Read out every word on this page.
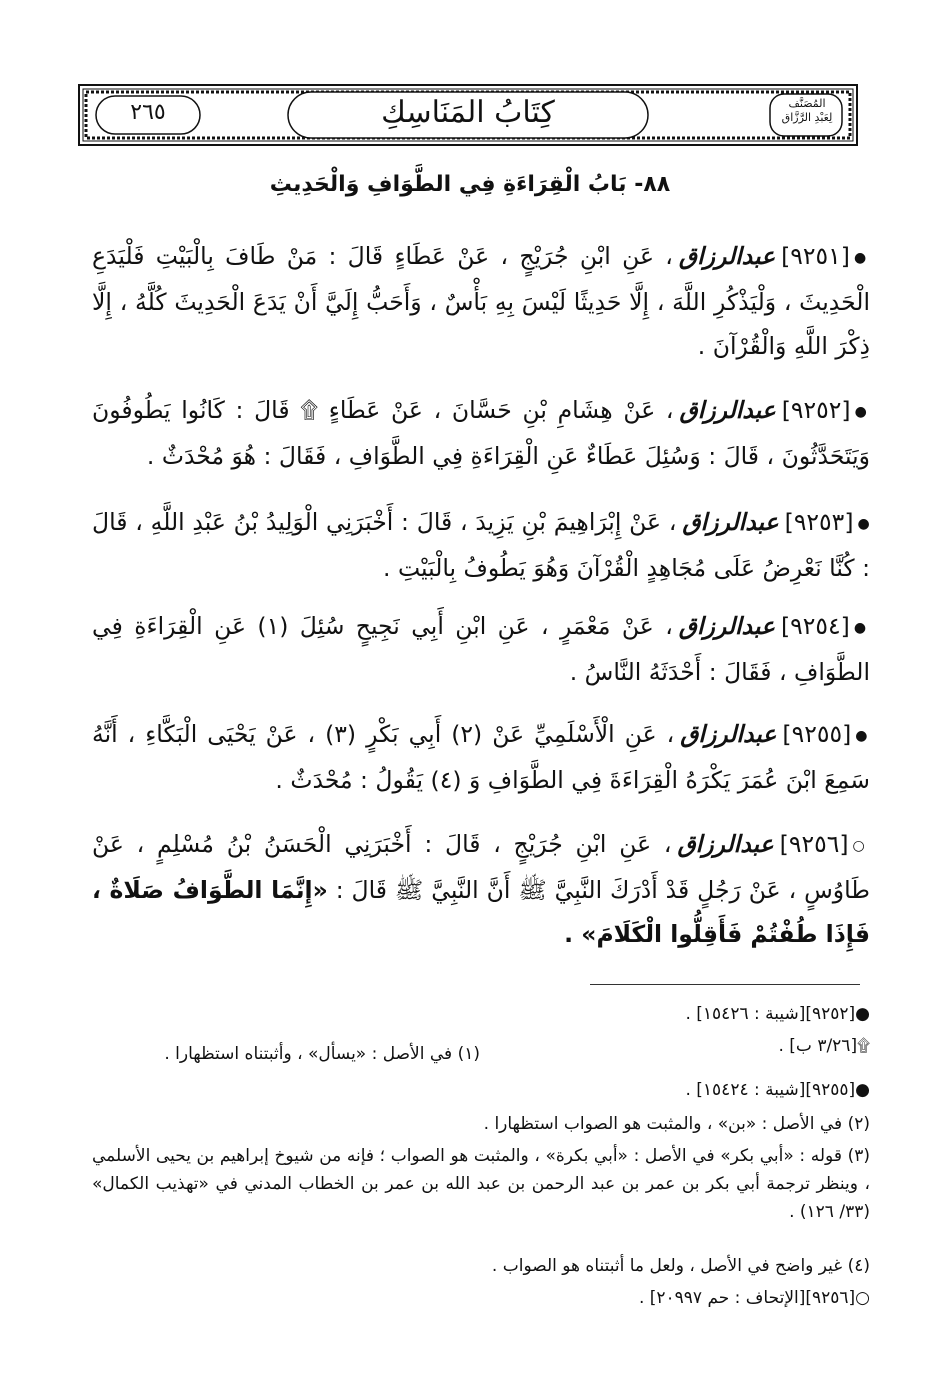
٢٦٥	كِتَابُ المَنَاسِكِ	المُصَنَّف
لِعَبْدِ الرَّزَّاق
٨٨- بَابُ الْقِرَاءَةِ فِي الطَّوَافِ وَالْحَدِيثِ
●[٩٢٥١]عبدالرزاق، عَنِ ابْنِ جُرَيْجٍ ، عَنْ عَطَاءٍ قَالَ : مَنْ طَافَ بِالْبَيْتِ فَلْيَدَعِ الْحَدِيثَ ، وَلْيَذْكُرِ اللَّهَ ، إِلَّا حَدِيثًا لَيْسَ بِهِ بَأْسٌ ، وَأَحَبُّ إِلَيَّ أَنْ يَدَعَ الْحَدِيثَ كُلَّهُ ، إِلَّا ذِكْرَ اللَّهِ وَالْقُرْآنَ .
●[٩٢٥٢]عبدالرزاق، عَنْ هِشَامِ بْنِ حَسَّانَ ، عَنْ عَطَاءٍ ۩ قَالَ : كَانُوا يَطُوفُونَ وَيَتَحَدَّثُونَ ، قَالَ : وَسُئِلَ عَطَاءٌ عَنِ الْقِرَاءَةِ فِي الطَّوَافِ ، فَقَالَ : هُوَ مُحْدَثٌ .
●[٩٢٥٣]عبدالرزاق، عَنْ إِبْرَاهِيمَ بْنِ يَزِيدَ ، قَالَ : أَخْبَرَنِي الْوَلِيدُ بْنُ عَبْدِ اللَّهِ ، قَالَ : كُنَّا نَعْرِضُ عَلَى مُجَاهِدٍ الْقُرْآنَ وَهُوَ يَطُوفُ بِالْبَيْتِ .
●[٩٢٥٤]عبدالرزاق، عَنْ مَعْمَرٍ ، عَنِ ابْنِ أَبِي نَجِيحٍ سُئِلَ (١) عَنِ الْقِرَاءَةِ فِي الطَّوَافِ ، فَقَالَ : أَحْدَثَهُ النَّاسُ .
●[٩٢٥٥]عبدالرزاق، عَنِ الْأَسْلَمِيِّ عَنْ (٢) أَبِي بَكْرٍ (٣) ، عَنْ يَحْيَى الْبَكَّاءِ ، أَنَّهُ سَمِعَ ابْنَ عُمَرَ يَكْرَهُ الْقِرَاءَةَ فِي الطَّوَافِ وَ (٤) يَقُولُ : مُحْدَثٌ .
○[٩٢٥٦]عبدالرزاق، عَنِ ابْنِ جُرَيْجٍ ، قَالَ : أَخْبَرَنِي الْحَسَنُ بْنُ مُسْلِمٍ ، عَنْ طَاوُسٍ ، عَنْ رَجُلٍ قَدْ أَدْرَكَ النَّبِيَّ ﷺ أَنَّ النَّبِيَّ ﷺ قَالَ : «إِنَّمَا الطَّوَافُ صَلَاةٌ ، فَإِذَا طُفْتُمْ فَأَقِلُّوا الْكَلَامَ» .
●[٩٢٥٢][شيبة : ١٥٤٢٦] .
۩[٣/٢٦ ب] .
(١) في الأصل : «يسأل» ، وأثبتناه استظهارا .
●[٩٢٥٥][شيبة : ١٥٤٢٤] .
(٢) في الأصل : «بن» ، والمثبت هو الصواب استظهارا .
(٣) قوله : «أبي بكر» في الأصل : «أبي بكرة» ، والمثبت هو الصواب ؛ فإنه من شيوخ إبراهيم بن يحيى الأسلمي ، وينظر ترجمة أبي بكر بن عمر بن عبد الرحمن بن عبد الله بن عمر بن الخطاب المدني في «تهذيب الكمال» (٣٣/ ١٢٦) .
(٤) غير واضح في الأصل ، ولعل ما أثبتناه هو الصواب .
○[٩٢٥٦][الإتحاف : حم ٢٠٩٩٧] .
